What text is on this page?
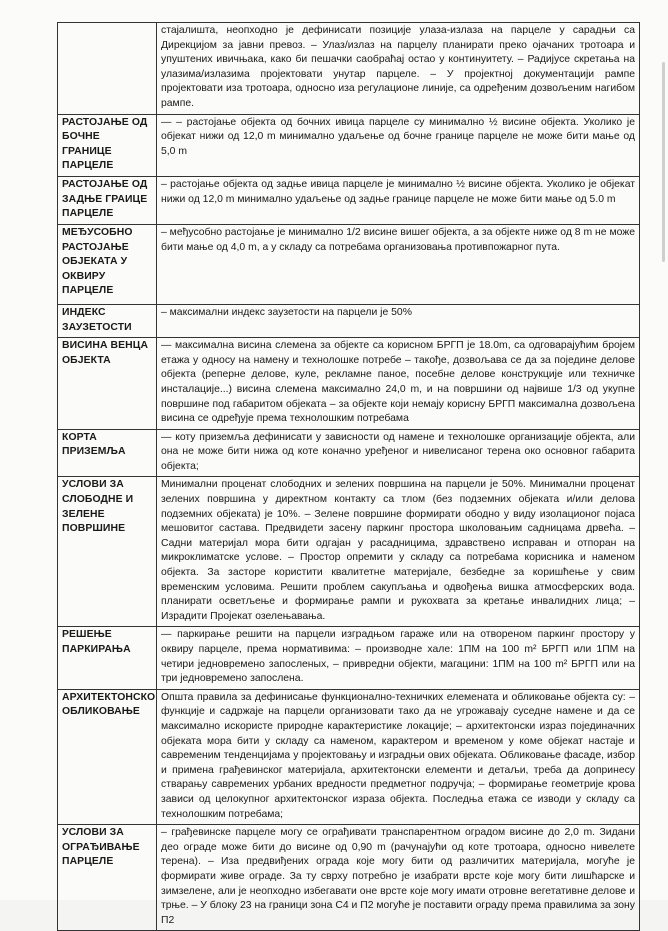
	стајалишта, неопходно је дефинисати позиције улаза-излаза на парцеле у сарадњи са Дирекцијом за јавни превоз. – Улаз/излаз на парцелу планирати преко ојачаних тротоара и упуштених ивичњака, како би пешачки саобраћај остао у континуитету. – Радијусе скретања на улазима/излазима пројектовати унутар парцеле. – У пројектној документацији рампе пројектовати иза тротоара, односно иза регулационе линије, са одређеним дозвољеним нагибом рампе.
РАСТОЈАЊЕ ОД БОЧНЕ ГРАНИЦЕ ПАРЦЕЛЕ	— – растојање објекта од бочних ивица парцеле су минимално ½ висине објекта. Уколико је објекат нижи од 12,0 m минимално удаљење од бочне границе парцеле не може бити мање од 5,0 m
РАСТОЈАЊЕ ОД ЗАДЊЕ ГРАИЦЕ ПАРЦЕЛЕ	– растојање објекта од задње ивица парцеле је минимално ½ висине објекта. Уколико је објекат нижи од 12,0 m минимално удаљење од задње границе парцеле не може бити мање од 5.0 m
МЕЂУСОБНО РАСТОЈАЊЕ ОБЈЕКАТА У ОКВИРУ ПАРЦЕЛЕ	– међусобно растојање је минимално 1/2 висине вишег објекта, а за објекте ниже од 8 m не може бити мање од 4,0 m, а у складу са потребама организовања противпожарног пута.
ИНДЕКС ЗАУЗЕТОСТИ	– максимални индекс заузетости на парцели је 50%
ВИСИНА ВЕНЦА ОБЈЕКТА	— максимална висина слемена за објекте са корисном БРГП је 18.0m, са одговарајућим бројем етажа у односу на намену и технолошке потребе – такође, дозвољава се да за поједине делове објекта (реперне делове, куле, рекламне панoe, посебне делове конструкције или техничке инсталације...) висина слемена максимално 24,0 m, и на површини од највише 1/3 од укупне површине под габаритом објеката – за објекте који немају корисну БРГП максимална дозвољена висина се одређује према технолошким потребама
КОРТА ПРИЗЕМЉА	— коту приземља дефинисати у зависности од намене и технолошке организације објекта, али она не може бити нижа од коте коначно уређеног и нивелисаног терена око основног габарита објекта;
УСЛОВИ ЗА СЛОБОДНЕ И ЗЕЛЕНЕ ПОВРШИНЕ	Минимални проценат слободних и зелених површина на парцели је 50%. Минимални проценат зелених површина у директном контакту са тлом (без подземних објеката и/или делова подземних објеката) је 10%. – Зелене површине формирати ободно у виду изолационог појаса мешовитог састава. Предвидети засену паркинг простора школовањим садницама дрвећа. – Садни материјал мора бити одгајан у расадницима, здравствено исправан и отпоран на микроклиматске услове. – Простор опремити у складу са потребама корисника и наменом објекта. За засторе користити квалитетне материјале, безбедне за коришћење у свим временским условима. Решити проблем сакупљања и одвођења вишка атмосферских вода. планирати осветљење и формирање рампи и рукохвата за кретање инвалидних лица; – Израдити Пројекат озелењавања.
РЕШЕЊЕ ПАРКИРАЊА	— паркирање решити на парцели изградњом гараже или на отвореном паркинг простору у оквиру парцеле, према нормативима: – производне хале: 1ПМ на 100 m² БРГП или 1ПМ на четири једновремено запосленых, – привредни објекти, магацини: 1ПМ на 100 m² БРГП или на три једновремено запослена.
АРХИТЕКТОНСКО ОБЛИКОВАЊЕ	Општа правила за дефинисање функционално-техничких елемената и обликовање објекта су: – функције и садржаје на парцели организовати тако да не угрожавају суседне намене и да се максимално искористе природне карактеристике локације; – архитектонски израз појединачних објеката мора бити у складу са наменом, карактером и временом у коме објекат настаје и савременим тенденцијама у пројектовању и изградњи ових објеката. Обликовање фасаде, избор и примена грађевинског материјала, архитектонски елементи и детаљи, треба да допринесу стварању савремених урбаних вредности предметног подручја; – формирање геометрије крова зависи од целокупног архитектонског израза објекта. Последња етажа се изводи у складу са технолошким потребама;
УСЛОВИ ЗА ОГРАЂИВАЊЕ ПАРЦЕЛЕ	– грађевинске парцеле могу се ограђивати транспарентном оградом висине до 2,0 m. Зидани део ограде може бити до висине од 0,90 m (рачунајући од коте тротоара, односно нивелете терена). – Иза предвиђених ограда које могу бити од различитих материјала, могуће је формирати живе ограде. За ту сврху потребно је изабрати врсте које могу бити лишћарске и зимзелене, али је неопходно избегавати оне врсте које могу имати отровне вегетативне делове и трње. – У блоку 23 на граници зона С4 и П2 могуће је поставити ограду према правилима за зону П2
